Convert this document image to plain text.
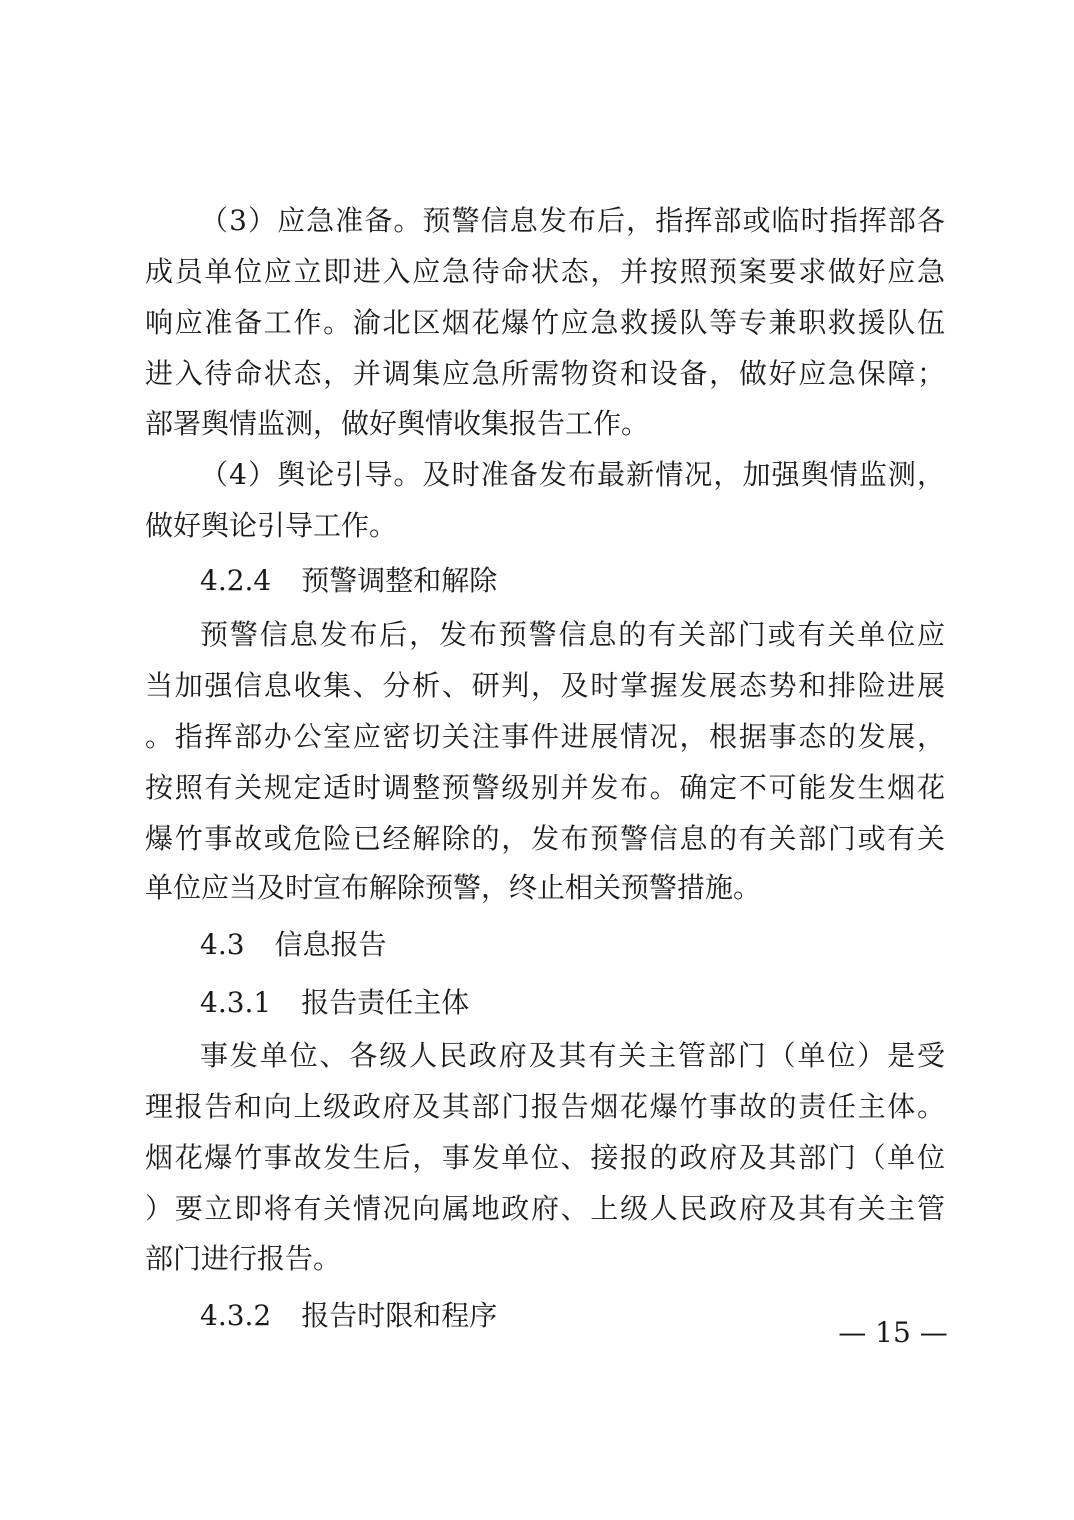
（3）应急准备。预警信息发布后，指挥部或临时指挥部各
成员单位应立即进入应急待命状态，并按照预案要求做好应急
响应准备工作。渝北区烟花爆竹应急救援队等专兼职救援队伍
进入待命状态，并调集应急所需物资和设备，做好应急保障；
部署舆情监测，做好舆情收集报告工作。
（4）舆论引导。及时准备发布最新情况，加强舆情监测，
做好舆论引导工作。
4.2.4 预警调整和解除
预警信息发布后，发布预警信息的有关部门或有关单位应
当加强信息收集、分析、研判，及时掌握发展态势和排险进展
。指挥部办公室应密切关注事件进展情况，根据事态的发展，
按照有关规定适时调整预警级别并发布。确定不可能发生烟花
爆竹事故或危险已经解除的，发布预警信息的有关部门或有关
单位应当及时宣布解除预警，终止相关预警措施。
4.3 信息报告
4.3.1 报告责任主体
事发单位、各级人民政府及其有关主管部门（单位）是受
理报告和向上级政府及其部门报告烟花爆竹事故的责任主体。
烟花爆竹事故发生后，事发单位、接报的政府及其部门（单位
）要立即将有关情况向属地政府、上级人民政府及其有关主管
部门进行报告。
4.3.2 报告时限和程序
— 15 —
